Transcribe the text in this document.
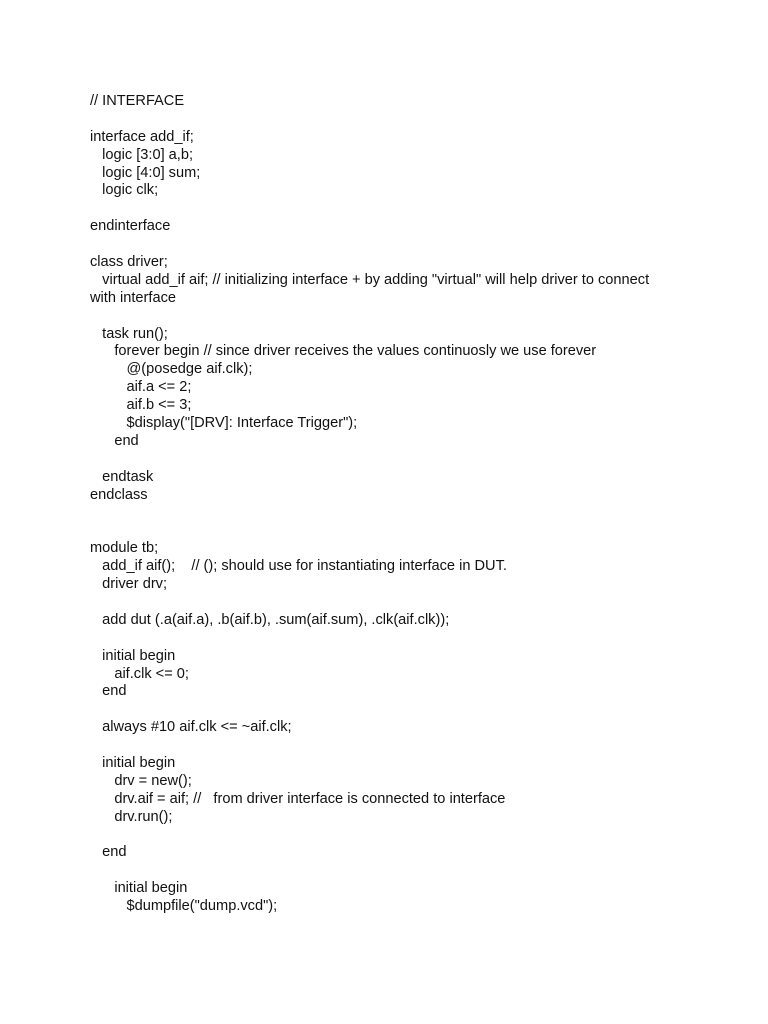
// INTERFACE
interface add_if;
logic [3:0] a,b;
logic [4:0] sum;
logic clk;
endinterface
class driver;
virtual add_if aif; // initializing interface + by adding "virtual" will help driver to connect
with interface
task run();
forever begin // since driver receives the values continuosly we use forever
@(posedge aif.clk);
aif.a <= 2;
aif.b <= 3;
$display("[DRV]: Interface Trigger");
end
endtask
endclass
module tb;
add_if aif();    // (); should use for instantiating interface in DUT.
driver drv;
add dut (.a(aif.a), .b(aif.b), .sum(aif.sum), .clk(aif.clk));
initial begin
aif.clk <= 0;
end
always #10 aif.clk <= ~aif.clk;
initial begin
drv = new();
drv.aif = aif; //   from driver interface is connected to interface
drv.run();
end
initial begin
$dumpfile("dump.vcd");
